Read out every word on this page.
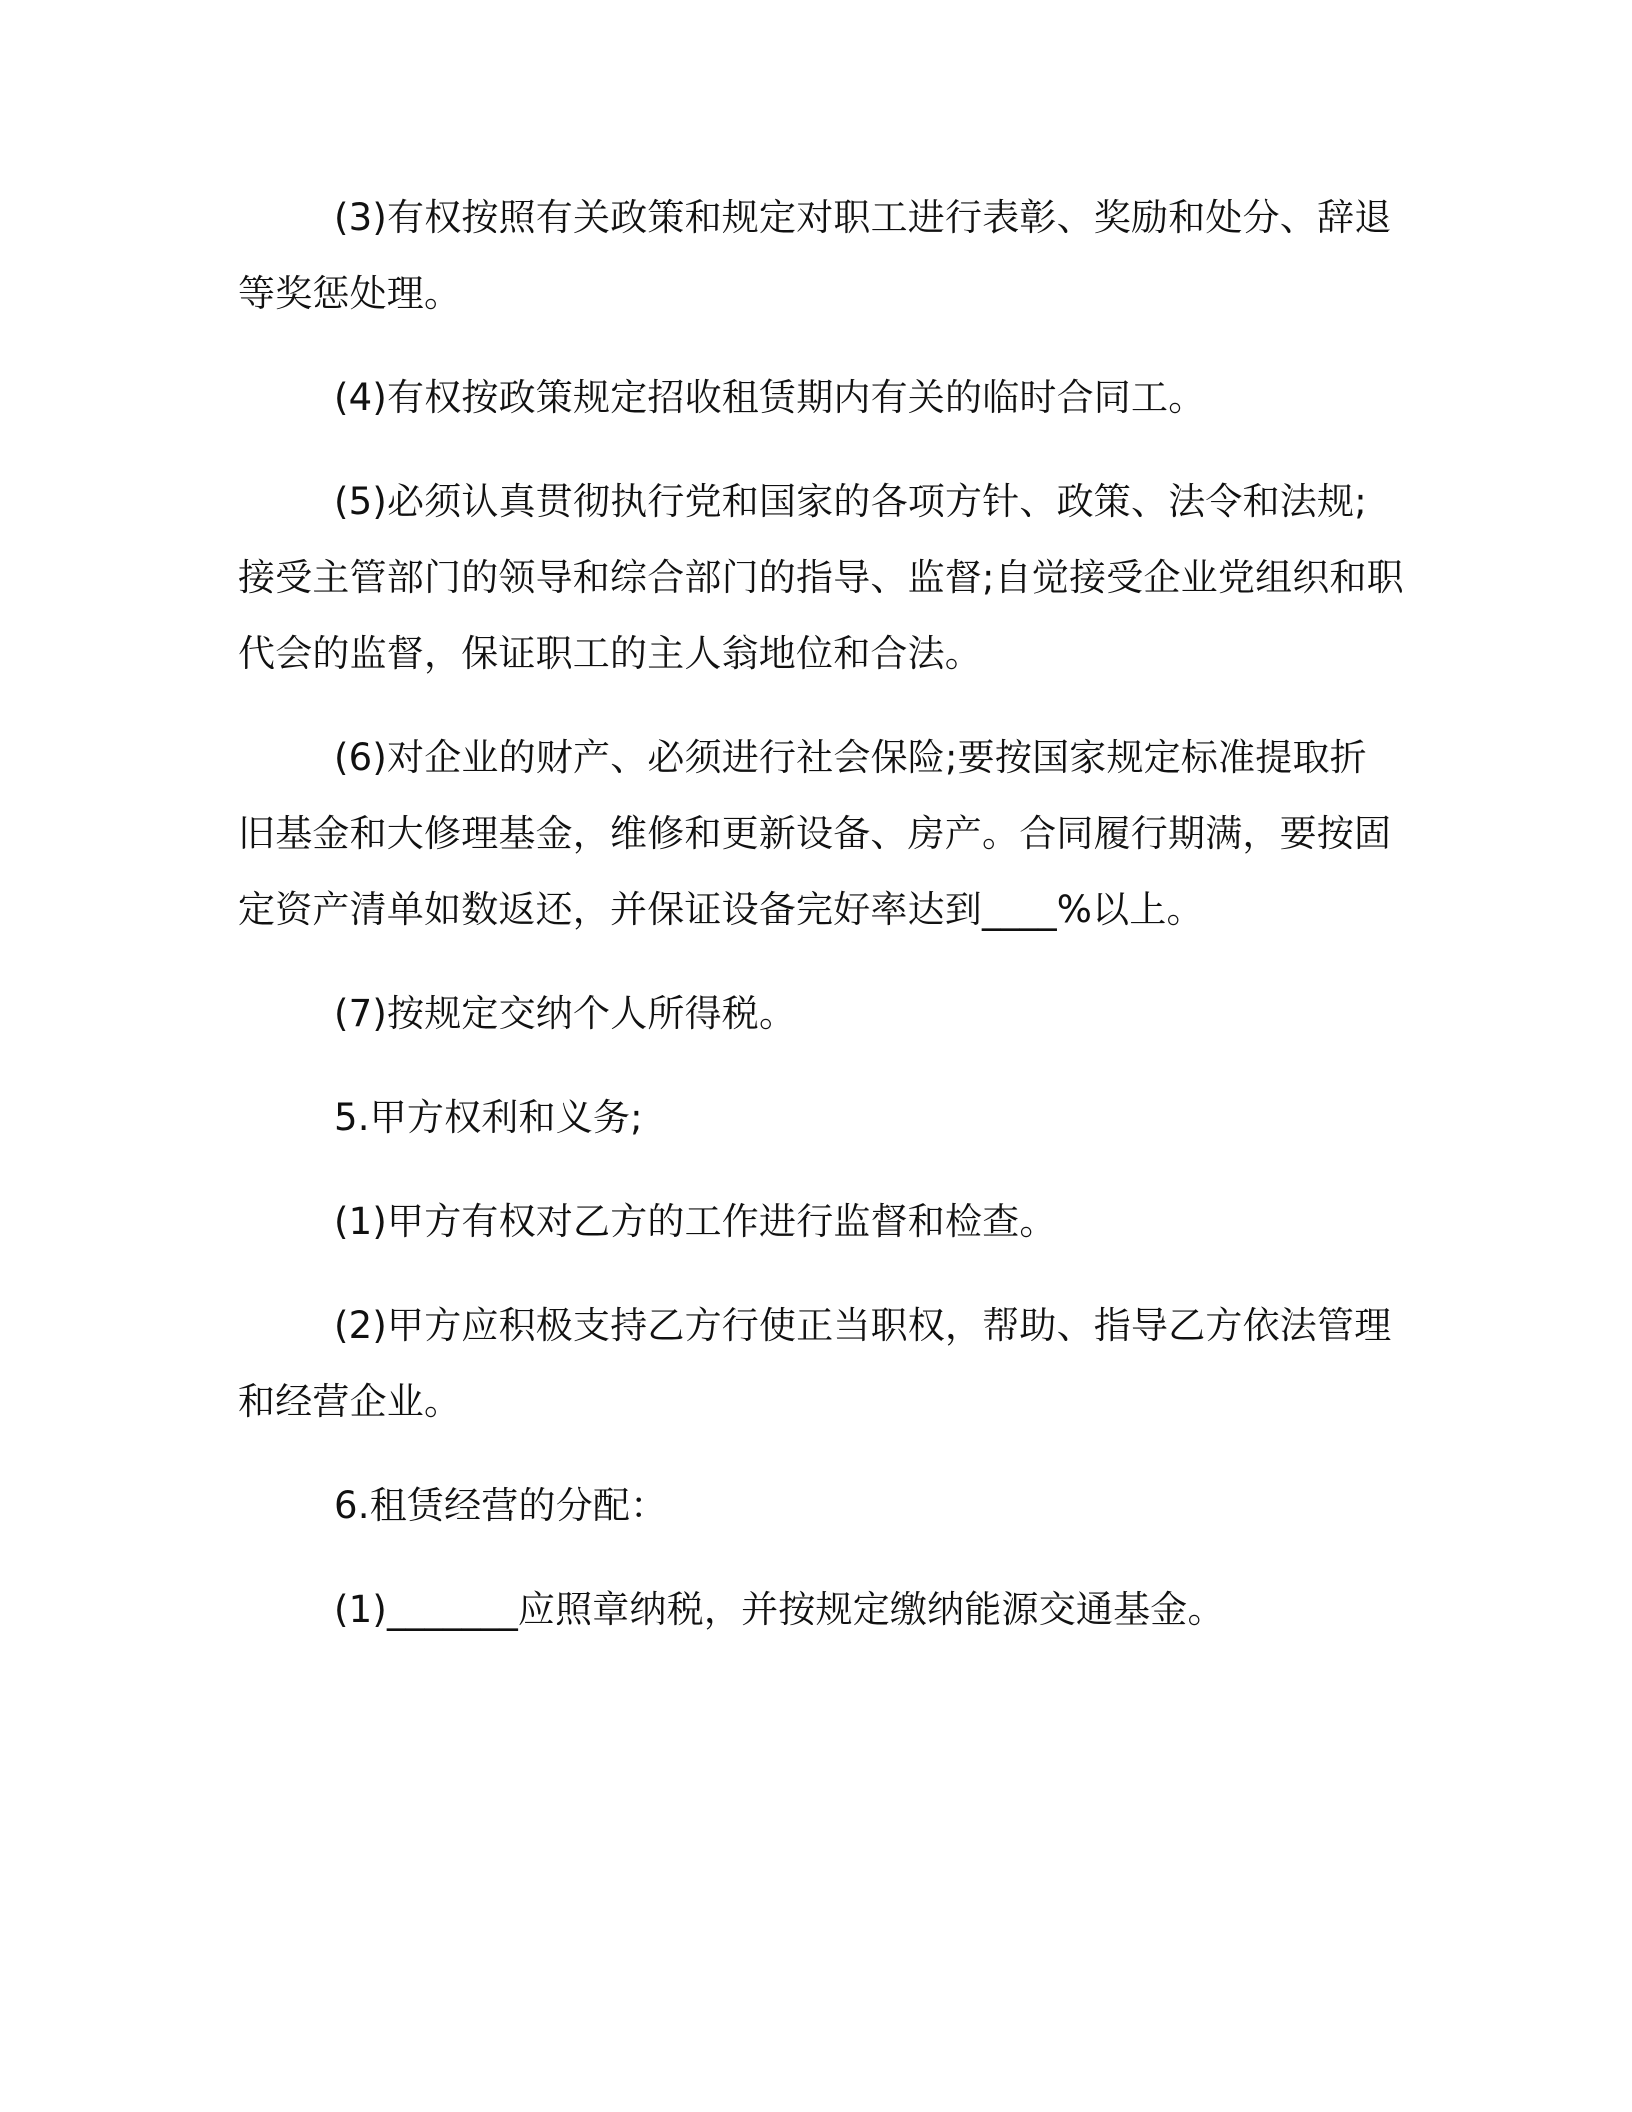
(3)有权按照有关政策和规定对职工进行表彰、奖励和处分、辞退等奖惩处理。

(4)有权按政策规定招收租赁期内有关的临时合同工。

(5)必须认真贯彻执行党和国家的各项方针、政策、法令和法规;接受主管部门的领导和综合部门的指导、监督;自觉接受企业党组织和职代会的监督，保证职工的主人翁地位和合法。

(6)对企业的财产、必须进行社会保险;要按国家规定标准提取折旧基金和大修理基金，维修和更新设备、房产。合同履行期满，要按固定资产清单如数返还，并保证设备完好率达到____%以上。

(7)按规定交纳个人所得税。

5.甲方权利和义务;

(1)甲方有权对乙方的工作进行监督和检查。

(2)甲方应积极支持乙方行使正当职权，帮助、指导乙方依法管理和经营企业。

6.租赁经营的分配：

(1)_______应照章纳税，并按规定缴纳能源交通基金。
